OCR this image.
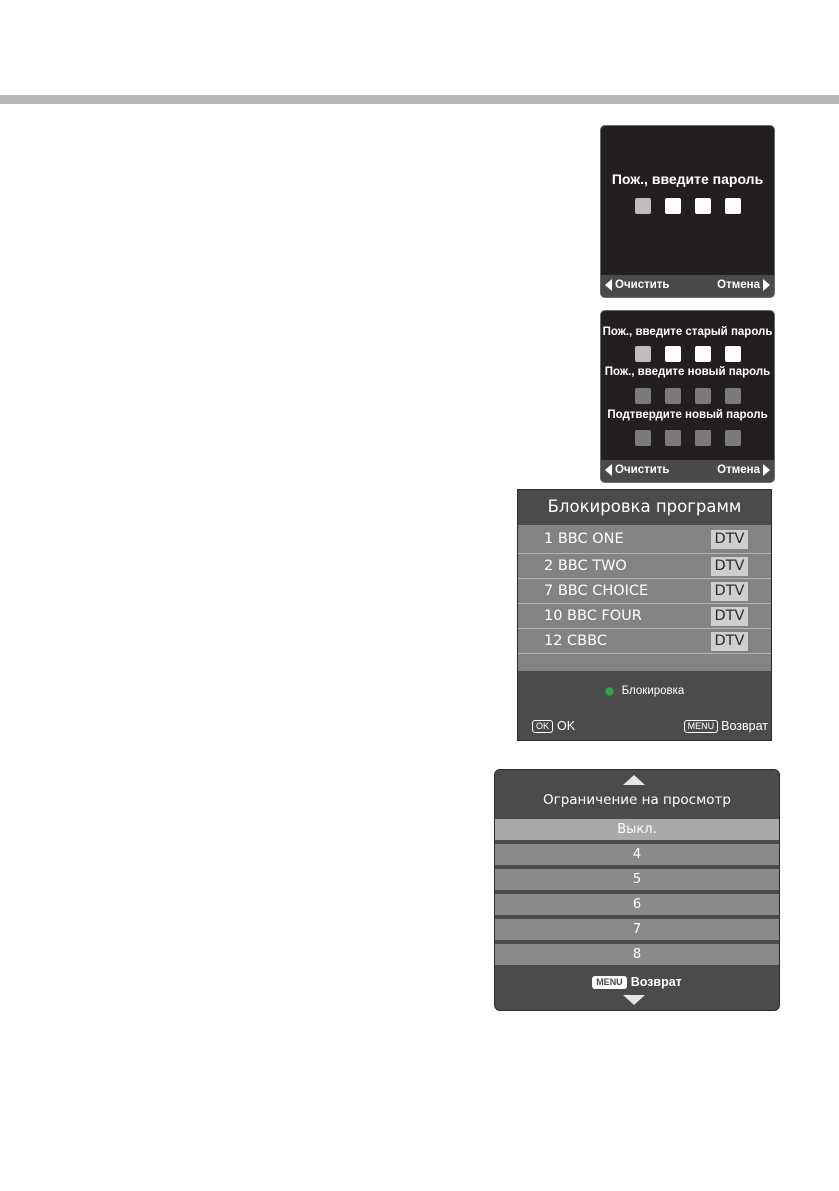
Пож., введите пароль
Очистить	Отмена
Пож., введите старый пароль
Пож., введите новый пароль
Подтвердите новый пароль
Очистить	Отмена
Блокировка программ
1 BBC ONE	DTV
2 BBC TWO	DTV
7 BBC CHOICE	DTV
10 BBC FOUR	DTV
12 CBBC	DTV
Блокировка
OK OK	MENU Возврат
Ограничение на просмотр
Выкл.
4
5
6
7
8
MENU Возврат
